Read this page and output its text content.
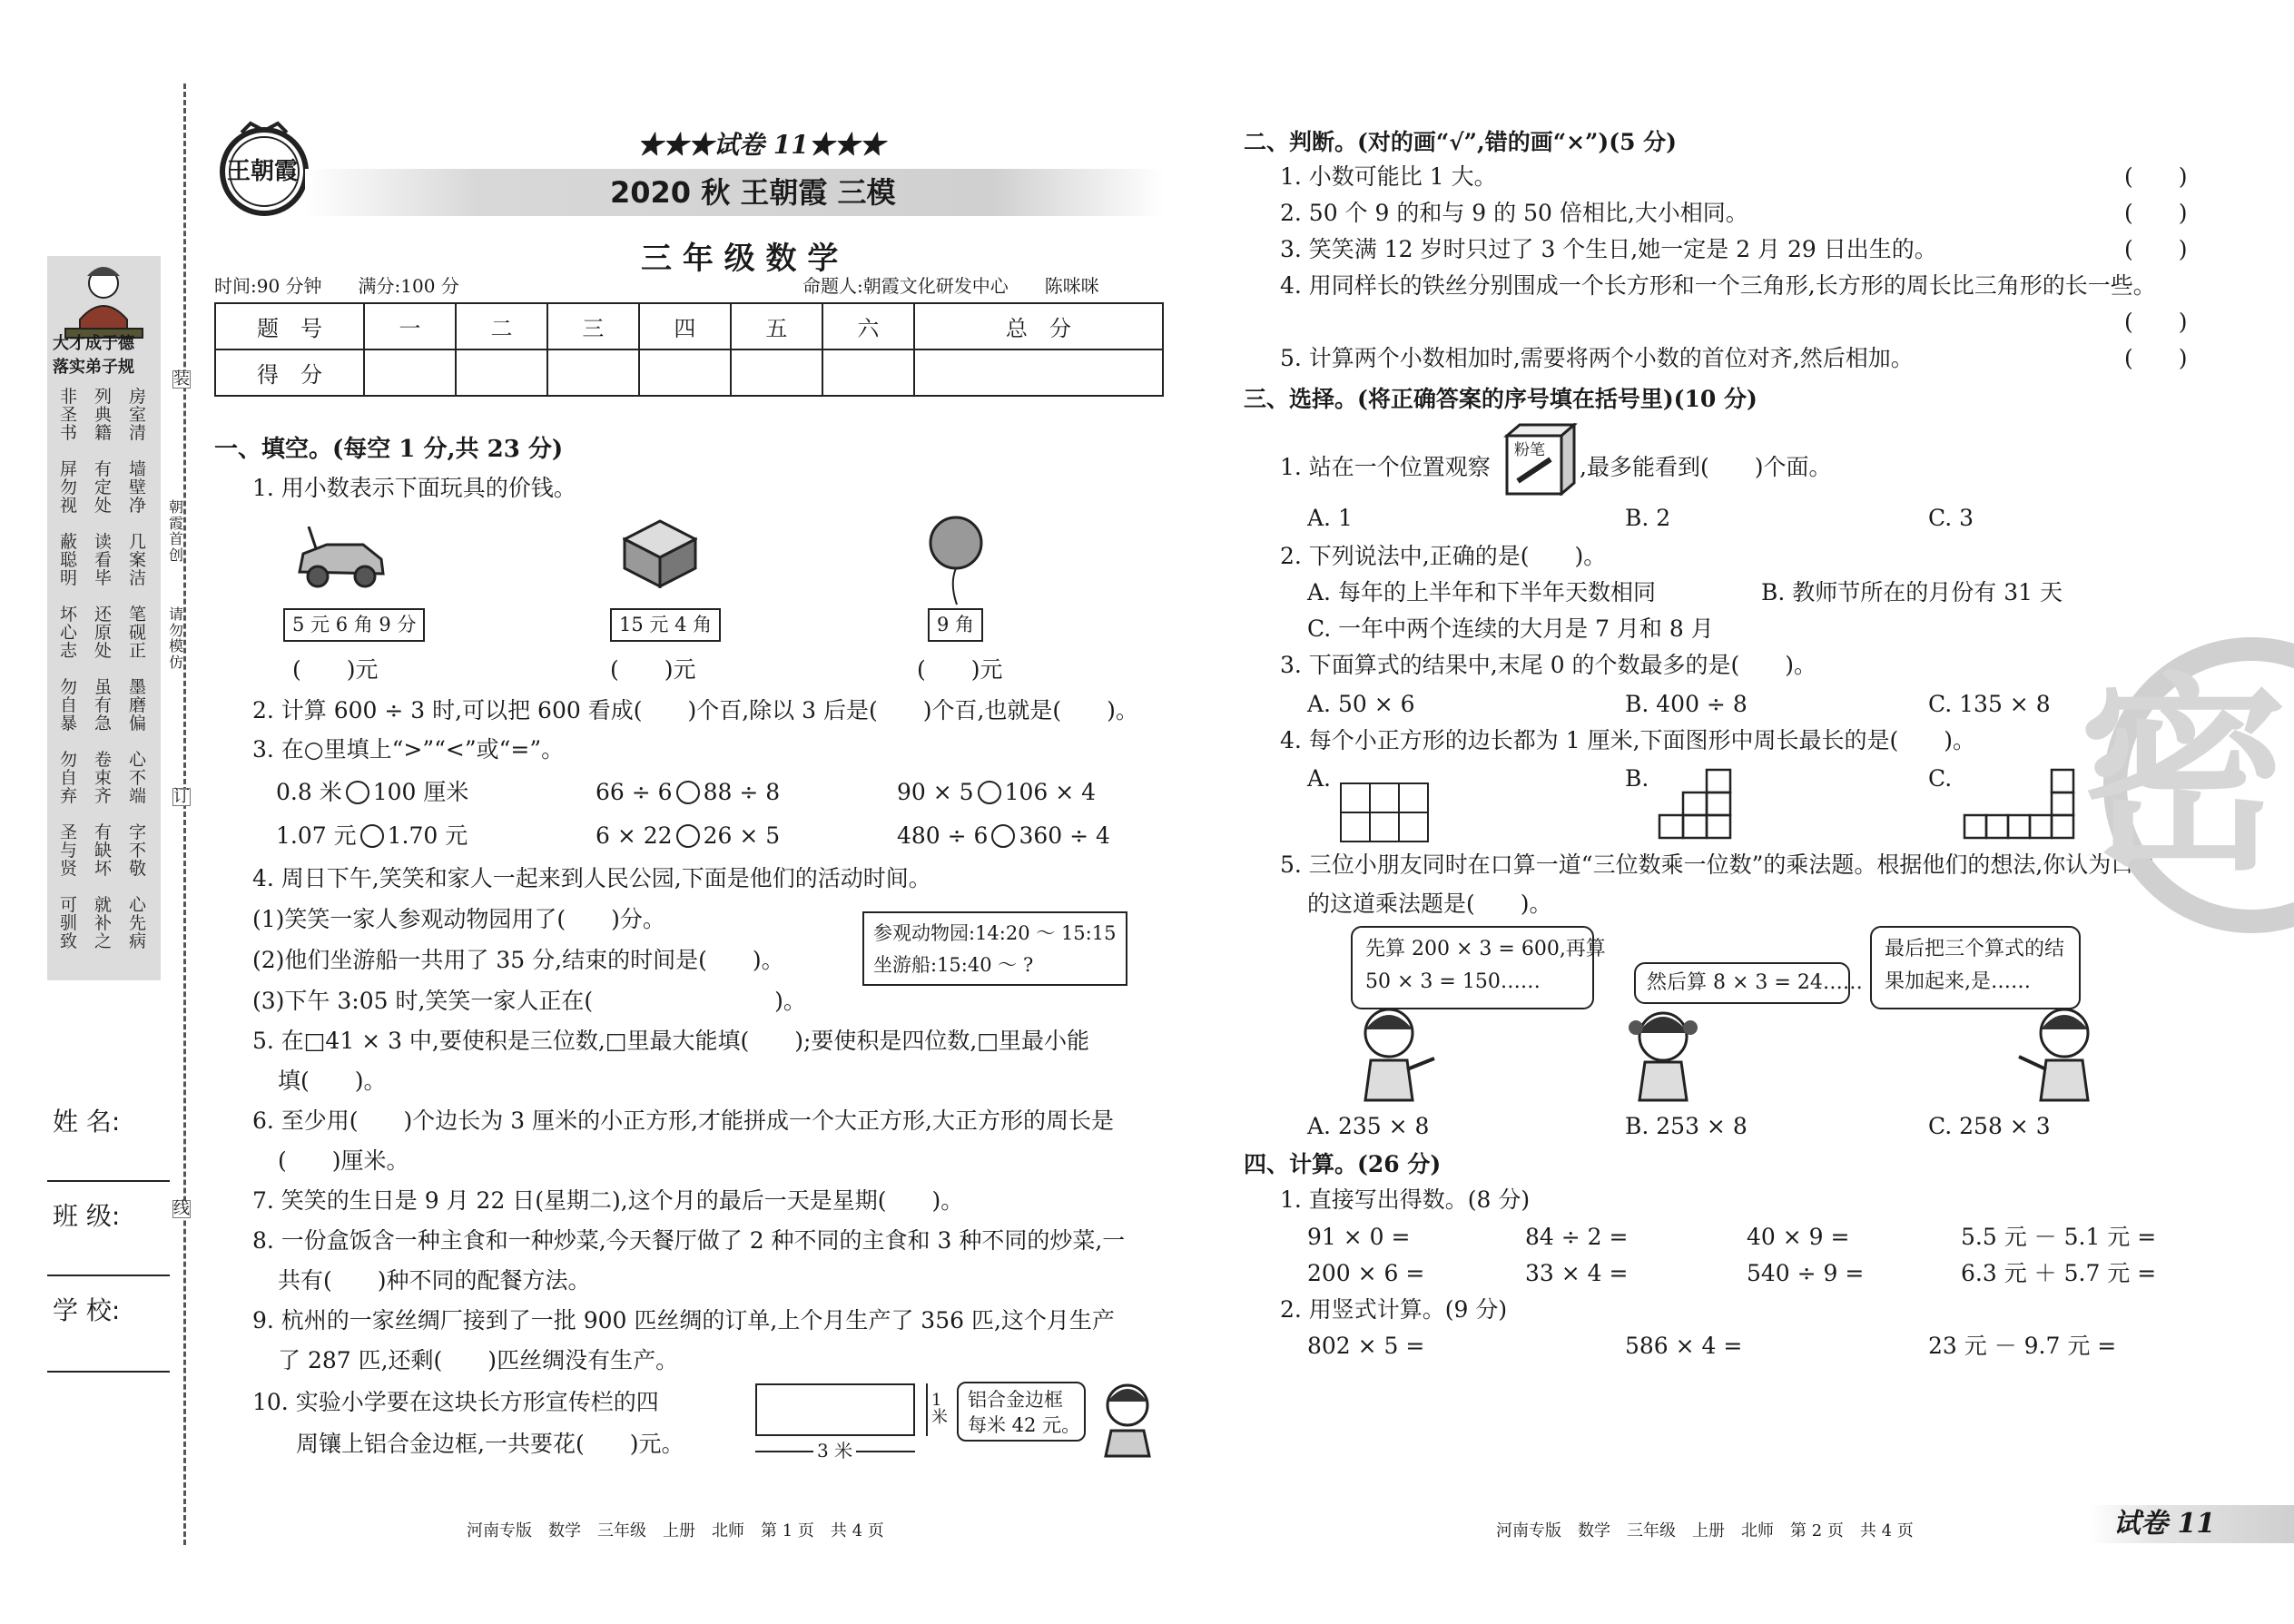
大才成于德
落实弟子规
非圣书
屏勿视
蔽聪明
坏心志
勿自暴
勿自弃
圣与贤
可驯致
列典籍
有定处
读看毕
还原处
虽有急
卷束齐
有缺坏
就补之
房室清
墙壁净
几案洁
笔砚正
墨磨偏
心不端
字不敬
心先病
装
订
线
朝霞首创
请勿模仿
姓 名:
班 级:
学 校:
王朝霞
★★★试卷 11★★★
2020 秋 王朝霞 三模
三 年 级 数 学
时间:90 分钟　　满分:100 分	命题人:朝霞文化研发中心　　陈咪咪
题　号	一	二	三	四	五	六	总　分
得　分							
一、填空。(每空 1 分,共 23 分)
1. 用小数表示下面玩具的价钱。
5 元 6 角 9 分	15 元 4 角	9 角
(　　)元	(　　)元	(　　)元
2. 计算 600 ÷ 3 时,可以把 600 看成(　　)个百,除以 3 后是(　　)个百,也就是(　　)。
3. 在○里填上“>”“<”或“=”。
0.8 米 100 厘米	66 ÷ 6 88 ÷ 8	90 × 5 106 × 4
1.07 元 1.70 元	6 × 22 26 × 5	480 ÷ 6 360 ÷ 4
4. 周日下午,笑笑和家人一起来到人民公园,下面是他们的活动时间。
(1)笑笑一家人参观动物园用了(　　)分。
(2)他们坐游船一共用了 35 分,结束的时间是(　　)。
(3)下午 3:05 时,笑笑一家人正在(　　　　　　　　)。
参观动物园:14:20 ～ 15:15
坐游船:15:40 ～ ?
5. 在□41 × 3 中,要使积是三位数,□里最大能填(　　);要使积是四位数,□里最小能
填(　　)。
6. 至少用(　　)个边长为 3 厘米的小正方形,才能拼成一个大正方形,大正方形的周长是
(　　)厘米。
7. 笑笑的生日是 9 月 22 日(星期二),这个月的最后一天是星期(　　)。
8. 一份盒饭含一种主食和一种炒菜,今天餐厅做了 2 种不同的主食和 3 种不同的炒菜,一
共有(　　)种不同的配餐方法。
9. 杭州的一家丝绸厂接到了一批 900 匹丝绸的订单,上个月生产了 356 匹,这个月生产
了 287 匹,还剩(　　)匹丝绸没有生产。
10. 实验小学要在这块长方形宣传栏的四
周镶上铝合金边框,一共要花(　　)元。	3 米
1 米
铝合金边框
每米 42 元。
二、判断。(对的画“√”,错的画“×”)(5 分)
1. 小数可能比 1 大。	(　　)
2. 50 个 9 的和与 9 的 50 倍相比,大小相同。	(　　)
3. 笑笑满 12 岁时只过了 3 个生日,她一定是 2 月 29 日出生的。	(　　)
4. 用同样长的铁丝分别围成一个长方形和一个三角形,长方形的周长比三角形的长一些。
(　　)
5. 计算两个小数相加时,需要将两个小数的首位对齐,然后相加。	(　　)
三、选择。(将正确答案的序号填在括号里)(10 分)
1. 站在一个位置观察
粉笔
,最多能看到(　　)个面。
A. 1	B. 2	C. 3
2. 下列说法中,正确的是(　　)。
A. 每年的上半年和下半年天数相同	B. 教师节所在的月份有 31 天
C. 一年中两个连续的大月是 7 月和 8 月
3. 下面算式的结果中,末尾 0 的个数最多的是(　　)。
A. 50 × 6	B. 400 ÷ 8	C. 135 × 8
4. 每个小正方形的边长都为 1 厘米,下面图形中周长最长的是(　　)。
A.	B.	C.

5. 三位小朋友同时在口算一道“三位数乘一位数”的乘法题。根据他们的想法,你认为口算
的这道乘法题是(　　)。
先算 200 × 3 = 600,再算
50 × 3 = 150……	然后算 8 × 3 = 24……
最后把三个算式的结
果加起来,是……
A. 235 × 8	B. 253 × 8	C. 258 × 3
四、计算。(26 分)
1. 直接写出得数。(8 分)
91 × 0 =	84 ÷ 2 =	40 × 9 =	5.5 元 － 5.1 元 =
200 × 6 =	33 × 4 =	540 ÷ 9 =	6.3 元 ＋ 5.7 元 =
802 × 5 =	586 × 4 =	23 元 － 9.7 元 =
2. 用竖式计算。(9 分)
密
河南专版　数学　三年级　上册　北师　第 1 页　共 4 页	河南专版　数学　三年级　上册　北师　第 2 页　共 4 页	试卷 11
